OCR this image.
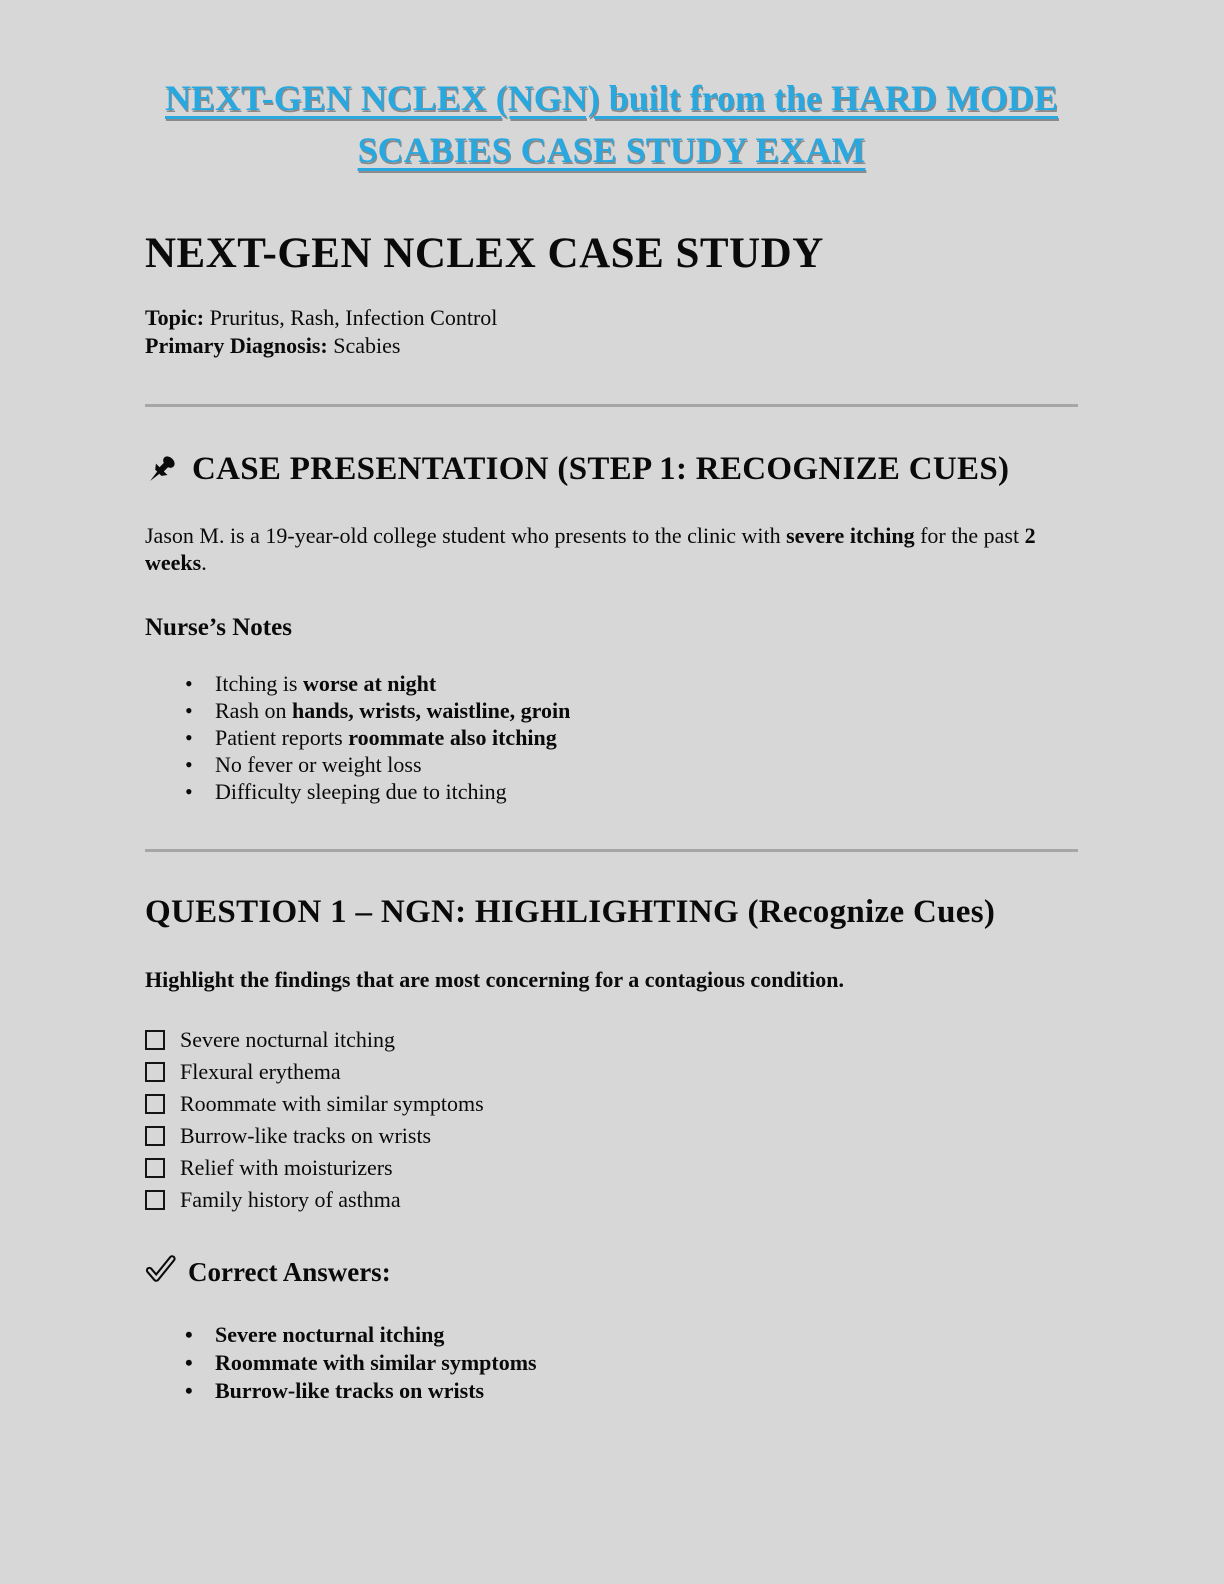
NEXT-GEN NCLEX (NGN) built from the HARD MODE
SCABIES CASE STUDY EXAM
NEXT-GEN NCLEX CASE STUDY

Topic: Pruritus, Rash, Infection Control

Primary Diagnosis: Scabies

CASE PRESENTATION (STEP 1: RECOGNIZE CUES)

Jason M. is a 19-year-old college student who presents to the clinic with severe itching for the past 2 weeks.

Nurse’s Notes
• Itching is worse at night
• Rash on hands, wrists, waistline, groin
• Patient reports roommate also itching
• No fever or weight loss
• Difficulty sleeping due to itching
QUESTION 1 – NGN: HIGHLIGHTING (Recognize Cues)

Highlight the findings that are most concerning for a contagious condition.

Severe nocturnal itching
Flexural erythema
Roommate with similar symptoms
Burrow-like tracks on wrists
Relief with moisturizers
Family history of asthma
Correct Answers:
• Severe nocturnal itching
• Roommate with similar symptoms
• Burrow-like tracks on wrists
